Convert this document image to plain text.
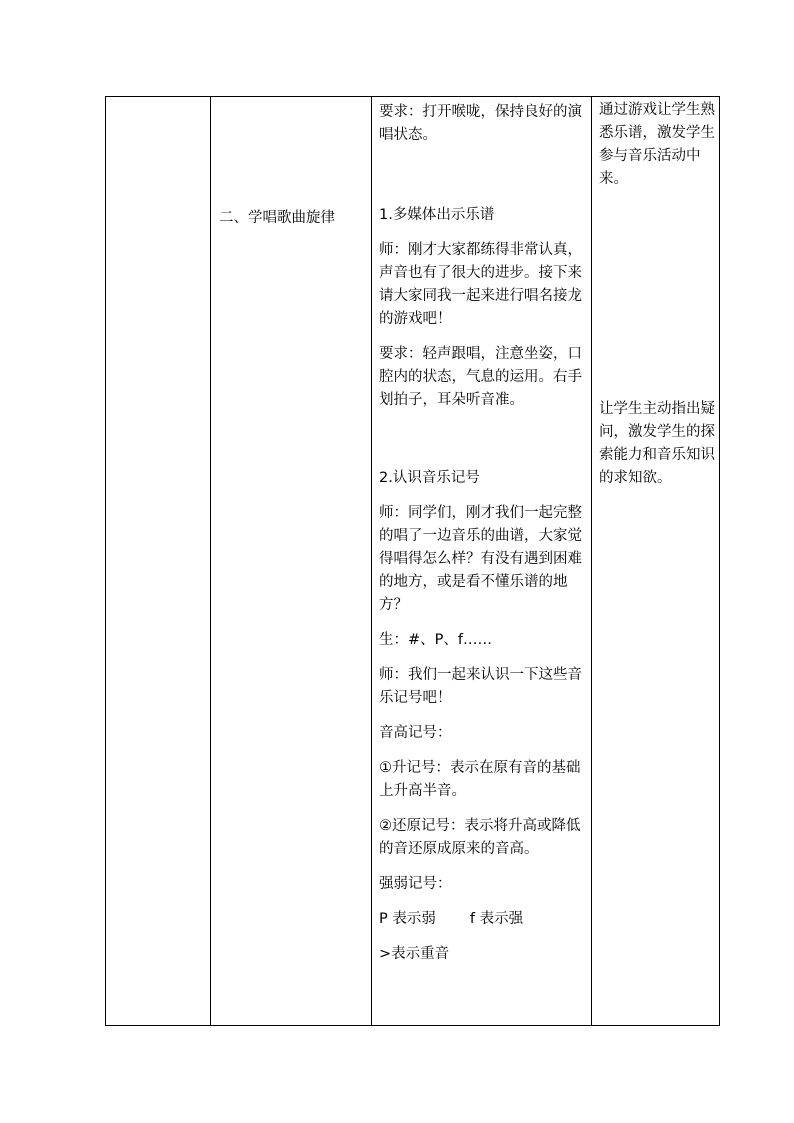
二、学唱歌曲旋律

要求：打开喉咙，保持良好的演唱状态。

1.多媒体出示乐谱

师：刚才大家都练得非常认真，声音也有了很大的进步。接下来请大家同我一起来进行唱名接龙的游戏吧！

要求：轻声跟唱，注意坐姿，口腔内的状态，气息的运用。右手划拍子，耳朵听音准。

2.认识音乐记号

师：同学们，刚才我们一起完整的唱了一边音乐的曲谱，大家觉得唱得怎么样？有没有遇到困难的地方，或是看不懂乐谱的地方？

生：#、P、f……

师：我们一起来认识一下这些音乐记号吧！

音高记号：

①升记号：表示在原有音的基础上升高半音。

②还原记号：表示将升高或降低的音还原成原来的音高。

强弱记号：

P 表示弱 f 表示强

>表示重音

通过游戏让学生熟悉乐谱，激发学生参与音乐活动中来。

让学生主动指出疑问，激发学生的探索能力和音乐知识的求知欲。
